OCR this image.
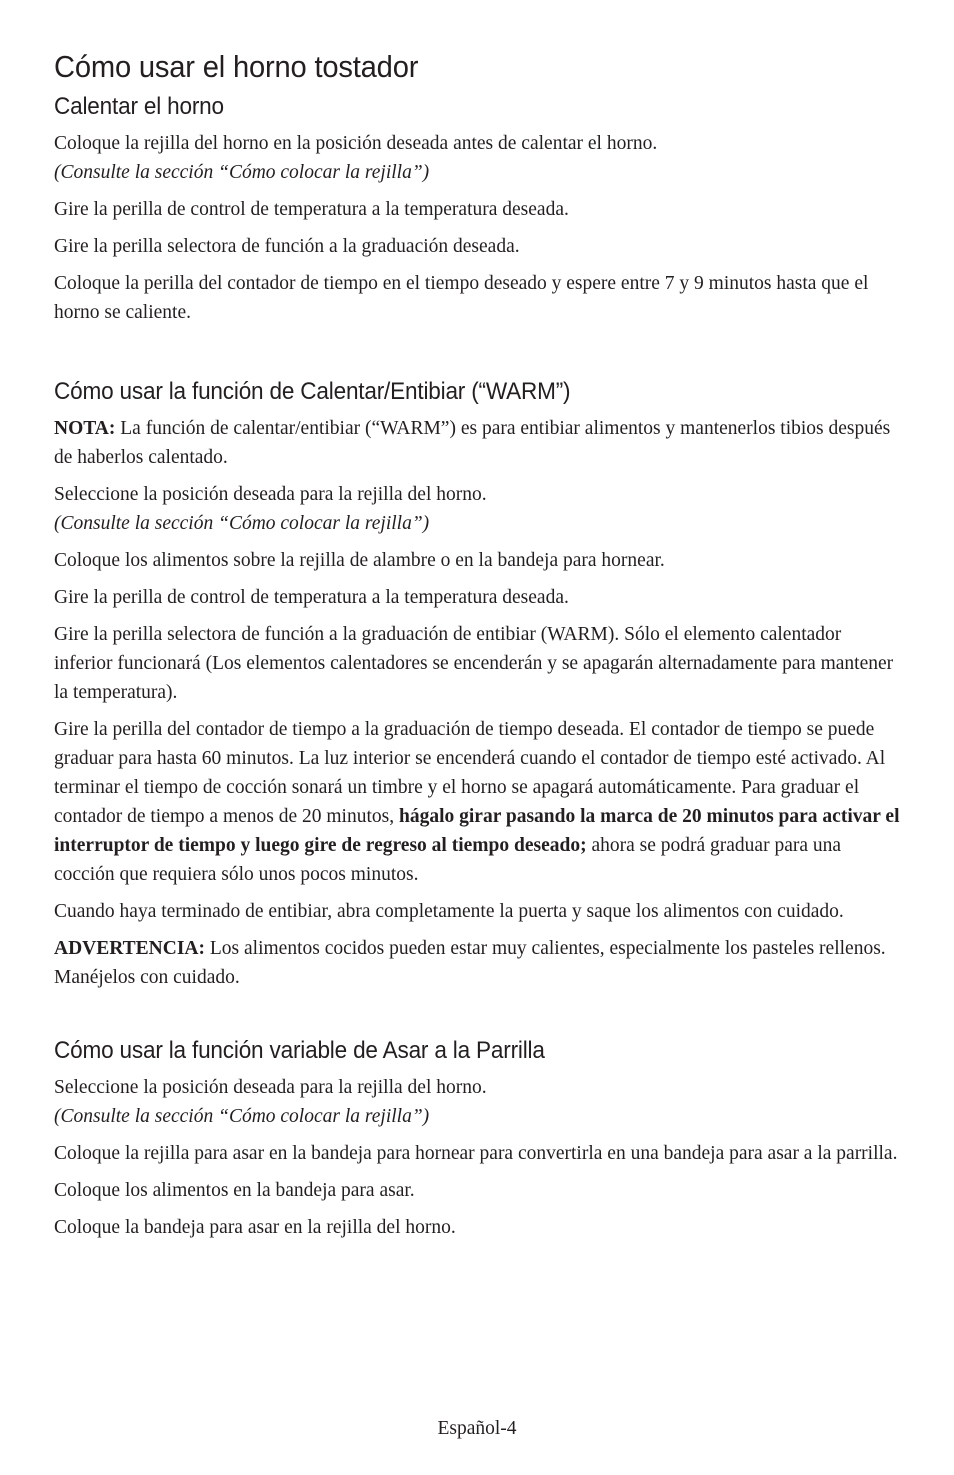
Cómo usar el horno tostador
Calentar el horno

Coloque la rejilla del horno en la posición deseada antes de calentar el horno.
(Consulte la sección “Cómo colocar la rejilla”)

Gire la perilla de control de temperatura a la temperatura deseada.

Gire la perilla selectora de función a la graduación deseada.

Coloque la perilla del contador de tiempo en el tiempo deseado y espere entre 7 y 9 minutos hasta que el horno se caliente.

Cómo usar la función de Calentar/Entibiar (“WARM”)

NOTA: La función de calentar/entibiar (“WARM”) es para entibiar alimentos y mantenerlos tibios después de haberlos calentado.

Seleccione la posición deseada para la rejilla del horno.
(Consulte la sección “Cómo colocar la rejilla”)

Coloque los alimentos sobre la rejilla de alambre o en la bandeja para hornear.

Gire la perilla de control de temperatura a la temperatura deseada.

Gire la perilla selectora de función a la graduación de entibiar (WARM). Sólo el elemento calentador inferior funcionará (Los elementos calentadores se encenderán y se apagarán alternadamente para mantener la temperatura).

Gire la perilla del contador de tiempo a la graduación de tiempo deseada. El contador de tiempo se puede graduar para hasta 60 minutos. La luz interior se encenderá cuando el contador de tiempo esté activado. Al terminar el tiempo de cocción sonará un timbre y el horno se apagará automáticamente. Para graduar el contador de tiempo a menos de 20 minutos, hágalo girar pasando la marca de 20 minutos para activar el interruptor de tiempo y luego gire de regreso al tiempo deseado; ahora se podrá graduar para una cocción que requiera sólo unos pocos minutos.

Cuando haya terminado de entibiar, abra completamente la puerta y saque los alimentos con cuidado.

ADVERTENCIA: Los alimentos cocidos pueden estar muy calientes, especialmente los pasteles rellenos. Manéjelos con cuidado.

Cómo usar la función variable de Asar a la Parrilla

Seleccione la posición deseada para la rejilla del horno.
(Consulte la sección “Cómo colocar la rejilla”)

Coloque la rejilla para asar en la bandeja para hornear para convertirla en una bandeja para asar a la parrilla.

Coloque los alimentos en la bandeja para asar.

Coloque la bandeja para asar en la rejilla del horno.

Español-4
